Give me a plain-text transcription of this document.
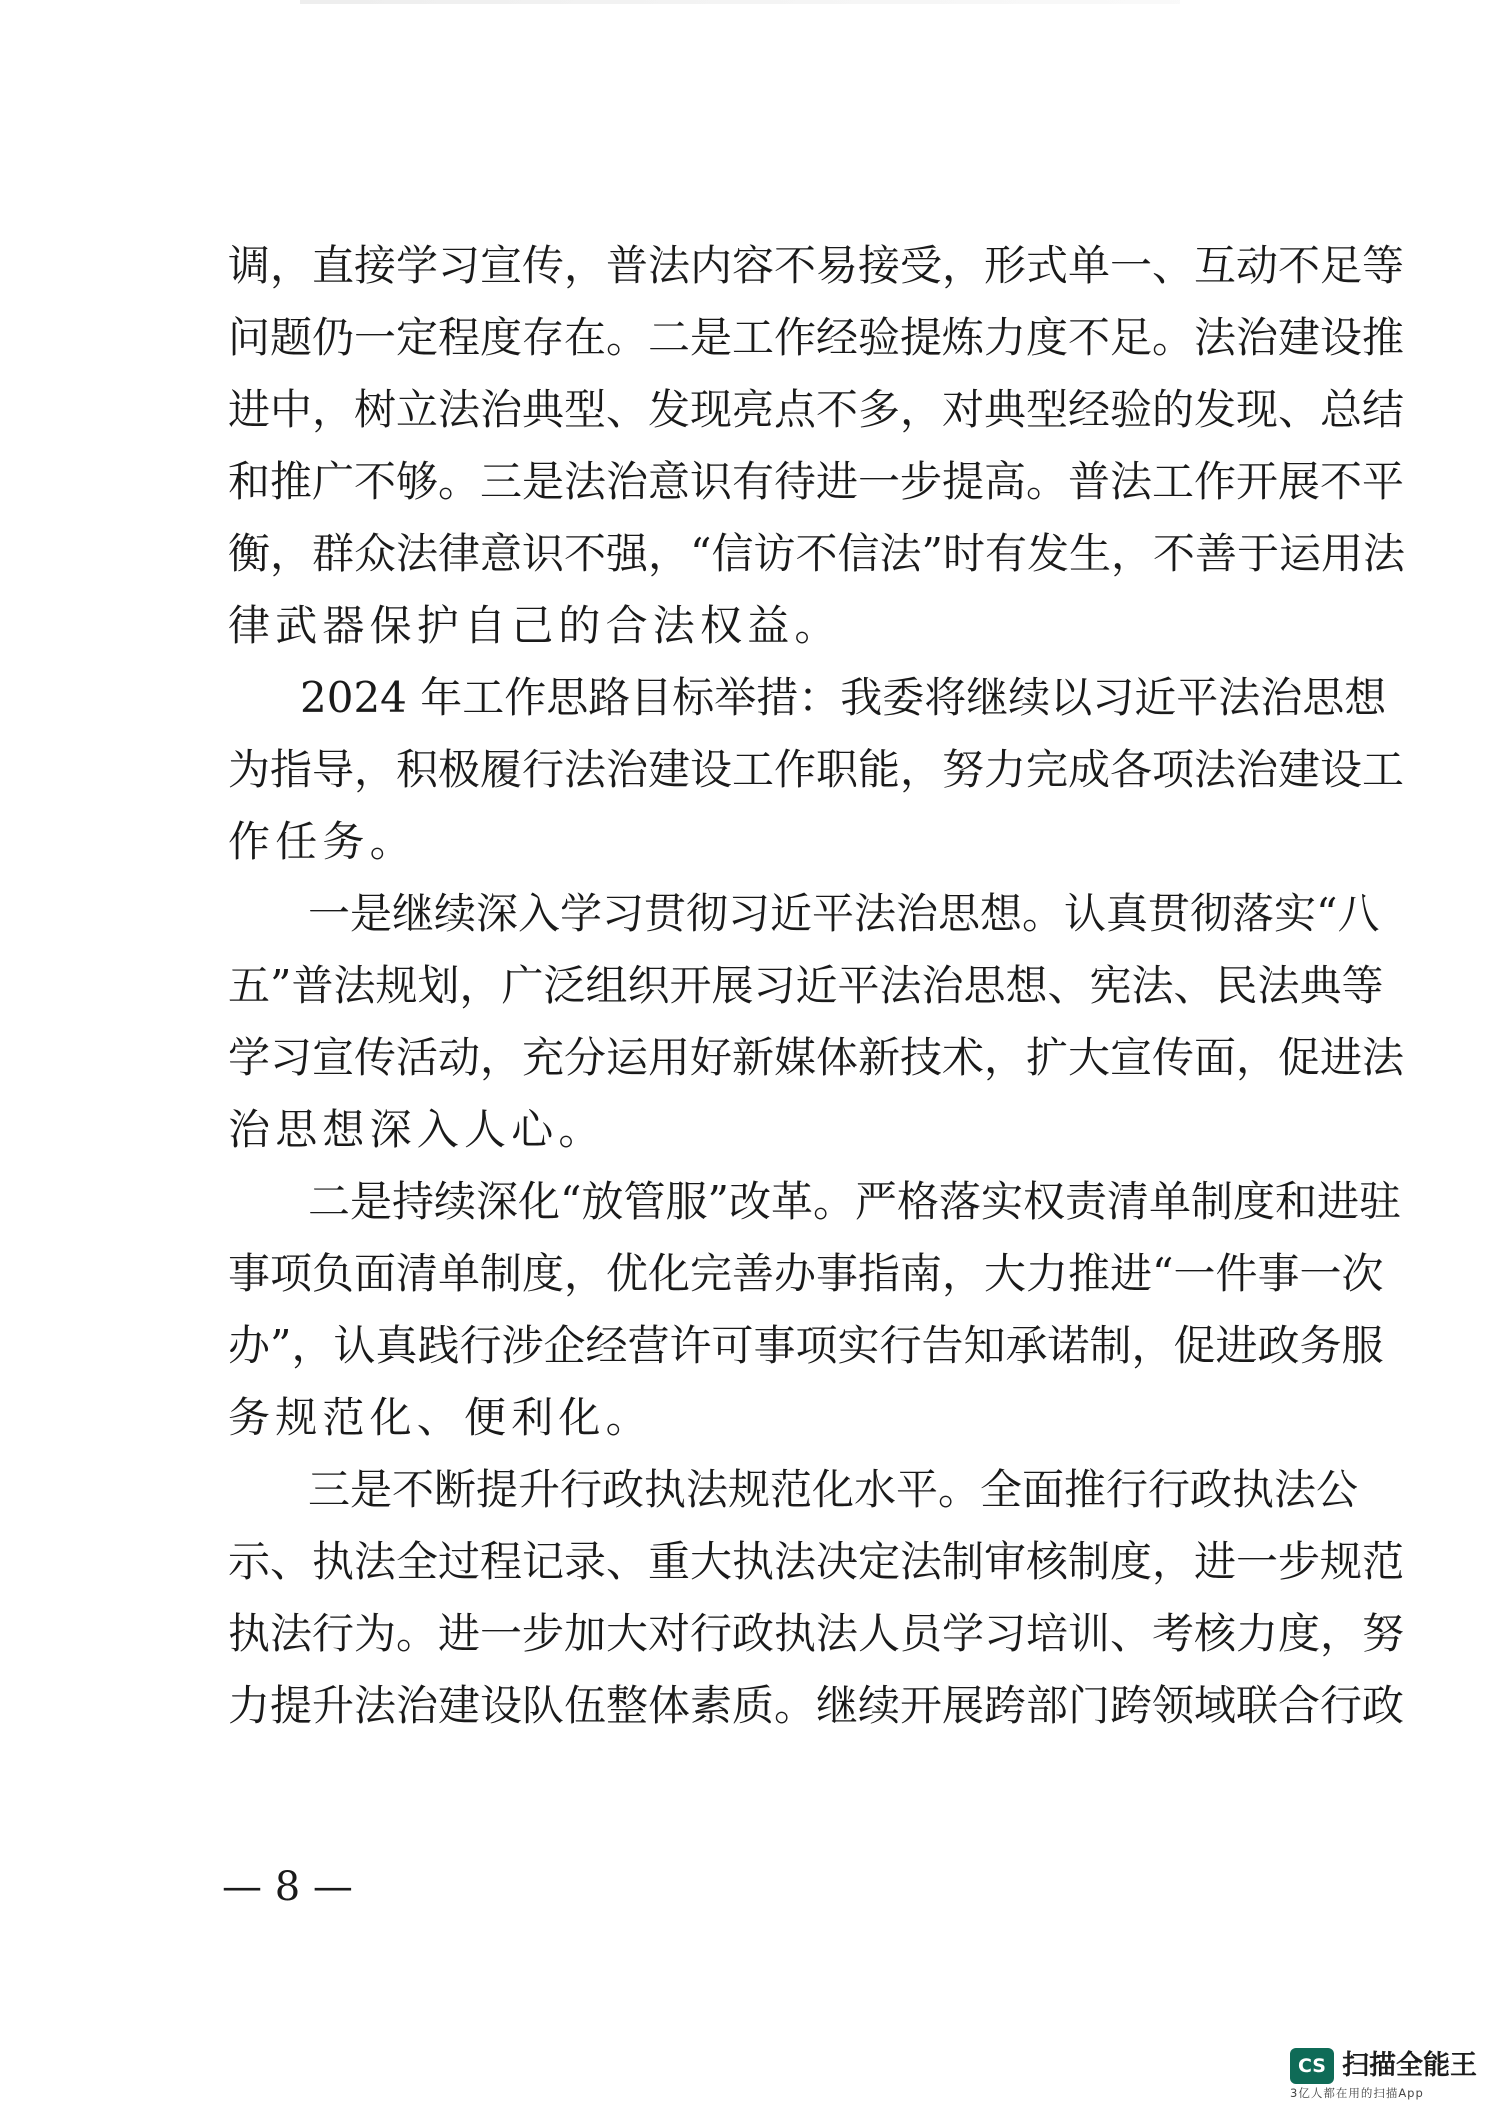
调，直接学习宣传，普法内容不易接受，形式单一、互动不足等
问题仍一定程度存在。二是工作经验提炼力度不足。法治建设推
进中，树立法治典型、发现亮点不多，对典型经验的发现、总结
和推广不够。三是法治意识有待进一步提高。普法工作开展不平
衡，群众法律意识不强，“信访不信法”时有发生，不善于运用法
律武器保护自己的合法权益。
2024 年工作思路目标举措：我委将继续以习近平法治思想
为指导，积极履行法治建设工作职能，努力完成各项法治建设工
作任务。
一是继续深入学习贯彻习近平法治思想。认真贯彻落实“八
五”普法规划，广泛组织开展习近平法治思想、宪法、民法典等
学习宣传活动，充分运用好新媒体新技术，扩大宣传面，促进法
治思想深入人心。
二是持续深化“放管服”改革。严格落实权责清单制度和进驻
事项负面清单制度，优化完善办事指南，大力推进“一件事一次
办”，认真践行涉企经营许可事项实行告知承诺制，促进政务服
务规范化、便利化。
三是不断提升行政执法规范化水平。全面推行行政执法公
示、执法全过程记录、重大执法决定法制审核制度，进一步规范
执法行为。进一步加大对行政执法人员学习培训、考核力度，努
力提升法治建设队伍整体素质。继续开展跨部门跨领域联合行政
— 8 —
CS 扫描全能王
3亿人都在用的扫描App
